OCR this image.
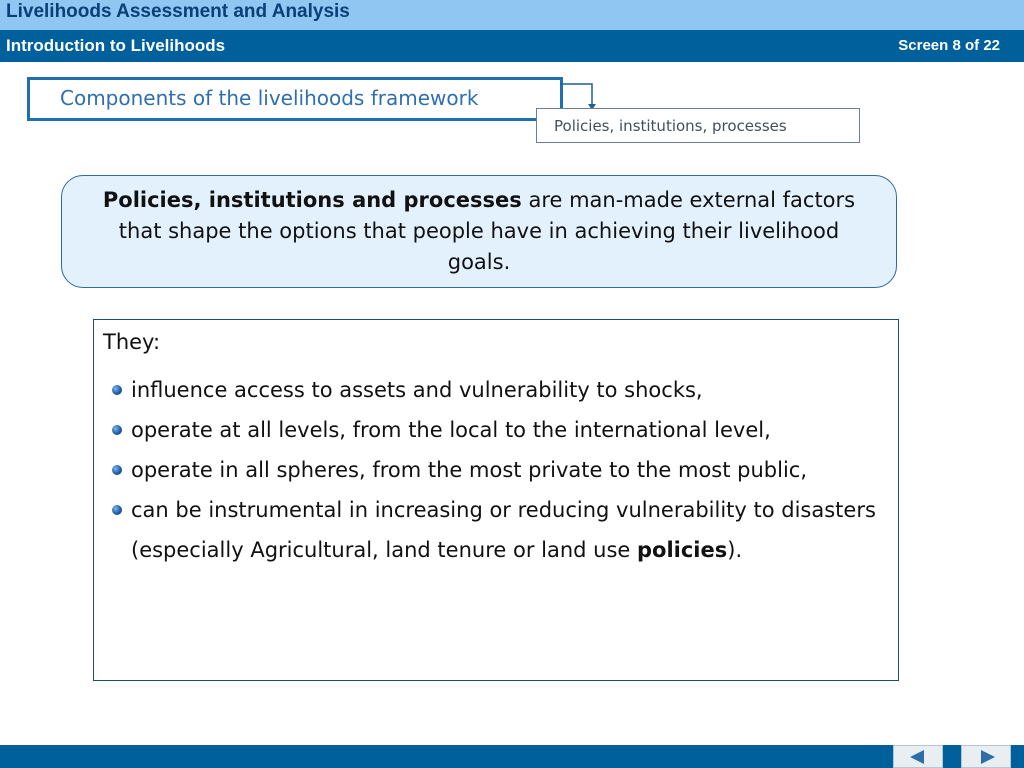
Livelihoods Assessment and Analysis
Introduction to Livelihoods	Screen 8 of 22
Components of the livelihoods framework
Policies, institutions, processes
Policies, institutions and processes are man-made external factors that shape the options that people have in achieving their livelihood goals.
They:
influence access to assets and vulnerability to shocks,
operate at all levels, from the local to the international level,
operate in all spheres, from the most private to the most public,
can be instrumental in increasing or reducing vulnerability to disasters (especially Agricultural, land tenure or land use policies).
